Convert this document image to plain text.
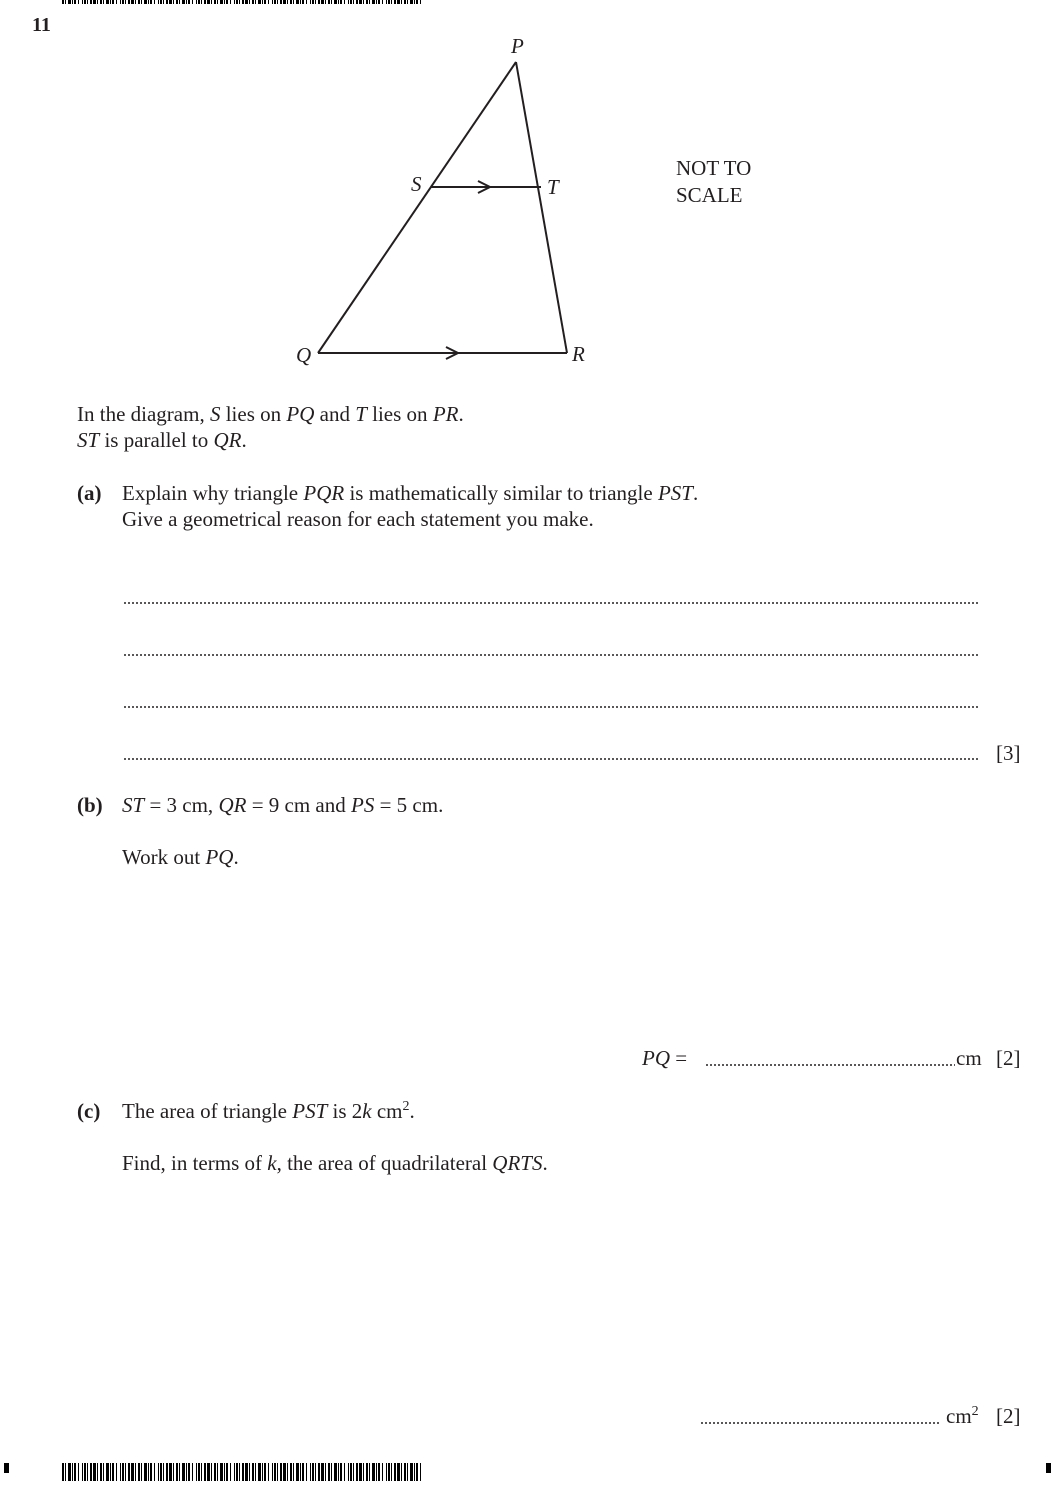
11
P
S	T
Q	R
NOT TO
SCALE
In the diagram, S lies on PQ and T lies on PR.
ST is parallel to QR.
(a) Explain why triangle PQR is mathematically similar to triangle PST.
Give a geometrical reason for each statement you make.
[3]
(b) ST = 3 cm, QR = 9 cm and PS = 5 cm.
Work out PQ.
PQ =	cm [2]
(c) The area of triangle PST is 2k $cm^2$.
Find, in terms of k, the area of quadrilateral QRTS.
$cm^2$ [2]
